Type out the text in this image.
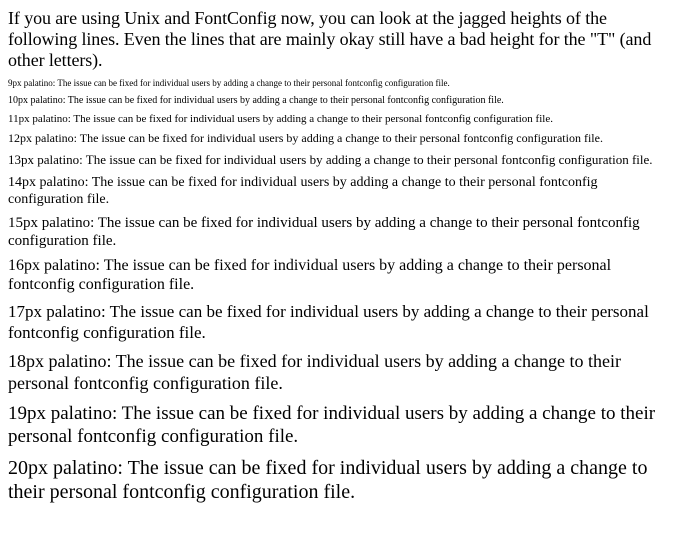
If you are using Unix and FontConfig now, you can look at the jagged heights of the following lines. Even the lines that are mainly okay still have a bad height for the "T" (and other letters).

9px palatino: The issue can be fixed for individual users by adding a change to their personal fontconfig configuration file.

10px palatino: The issue can be fixed for individual users by adding a change to their personal fontconfig configuration file.

11px palatino: The issue can be fixed for individual users by adding a change to their personal fontconfig configuration file.

12px palatino: The issue can be fixed for individual users by adding a change to their personal fontconfig configuration file.

13px palatino: The issue can be fixed for individual users by adding a change to their personal fontconfig configuration file.

14px palatino: The issue can be fixed for individual users by adding a change to their personal fontconfig configuration file.

15px palatino: The issue can be fixed for individual users by adding a change to their personal fontconfig configuration file.

16px palatino: The issue can be fixed for individual users by adding a change to their personal fontconfig configuration file.

17px palatino: The issue can be fixed for individual users by adding a change to their personal fontconfig configuration file.

18px palatino: The issue can be fixed for individual users by adding a change to their personal fontconfig configuration file.

19px palatino: The issue can be fixed for individual users by adding a change to their personal fontconfig configuration file.

20px palatino: The issue can be fixed for individual users by adding a change to their personal fontconfig configuration file.
